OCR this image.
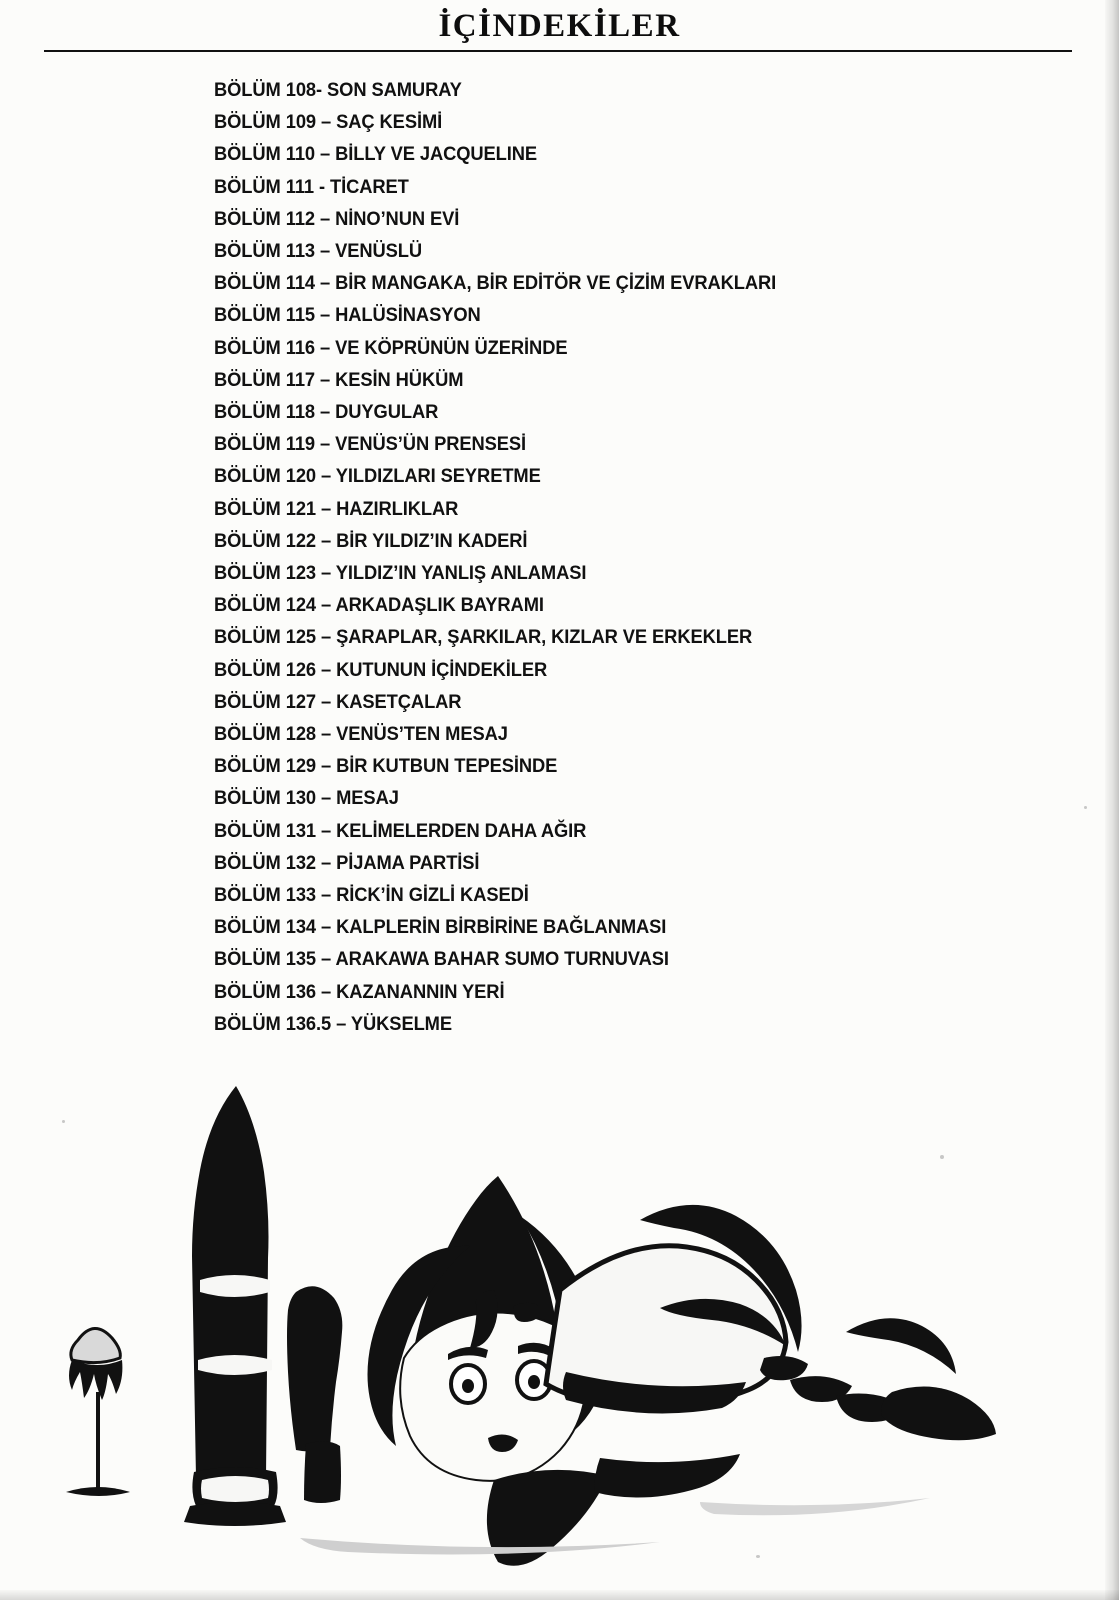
İÇİNDEKİLER
BÖLÜM 108- SON SAMURAY
BÖLÜM 109 – SAÇ KESİMİ
BÖLÜM 110 – BİLLY VE JACQUELINE
BÖLÜM 111 - TİCARET
BÖLÜM 112 – NİNO’NUN EVİ
BÖLÜM 113 – VENÜSLÜ
BÖLÜM 114 – BİR MANGAKA, BİR EDİTÖR VE ÇİZİM EVRAKLARI
BÖLÜM 115 – HALÜSİNASYON
BÖLÜM 116 – VE KÖPRÜNÜN ÜZERİNDE
BÖLÜM 117 – KESİN HÜKÜM
BÖLÜM 118 – DUYGULAR
BÖLÜM 119 – VENÜS’ÜN PRENSESİ
BÖLÜM 120 – YILDIZLARI SEYRETME
BÖLÜM 121 – HAZIRLIKLAR
BÖLÜM 122 – BİR YILDIZ’IN KADERİ
BÖLÜM 123 – YILDIZ’IN YANLIŞ ANLAMASI
BÖLÜM 124 – ARKADAŞLIK BAYRAMI
BÖLÜM 125 – ŞARAPLAR, ŞARKILAR, KIZLAR VE ERKEKLER
BÖLÜM 126 – KUTUNUN İÇİNDEKİLER
BÖLÜM 127 – KASETÇALAR
BÖLÜM 128 – VENÜS’TEN MESAJ
BÖLÜM 129 – BİR KUTBUN TEPESİNDE
BÖLÜM 130 – MESAJ
BÖLÜM 131 – KELİMELERDEN DAHA AĞIR
BÖLÜM 132 – PİJAMA PARTİSİ
BÖLÜM 133 – RİCK’İN GİZLİ KASEDİ
BÖLÜM 134 – KALPLERİN BİRBİRİNE BAĞLANMASI
BÖLÜM 135 – ARAKAWA BAHAR SUMO TURNUVASI
BÖLÜM 136 – KAZANANNIN YERİ
BÖLÜM 136.5 – YÜKSELME
